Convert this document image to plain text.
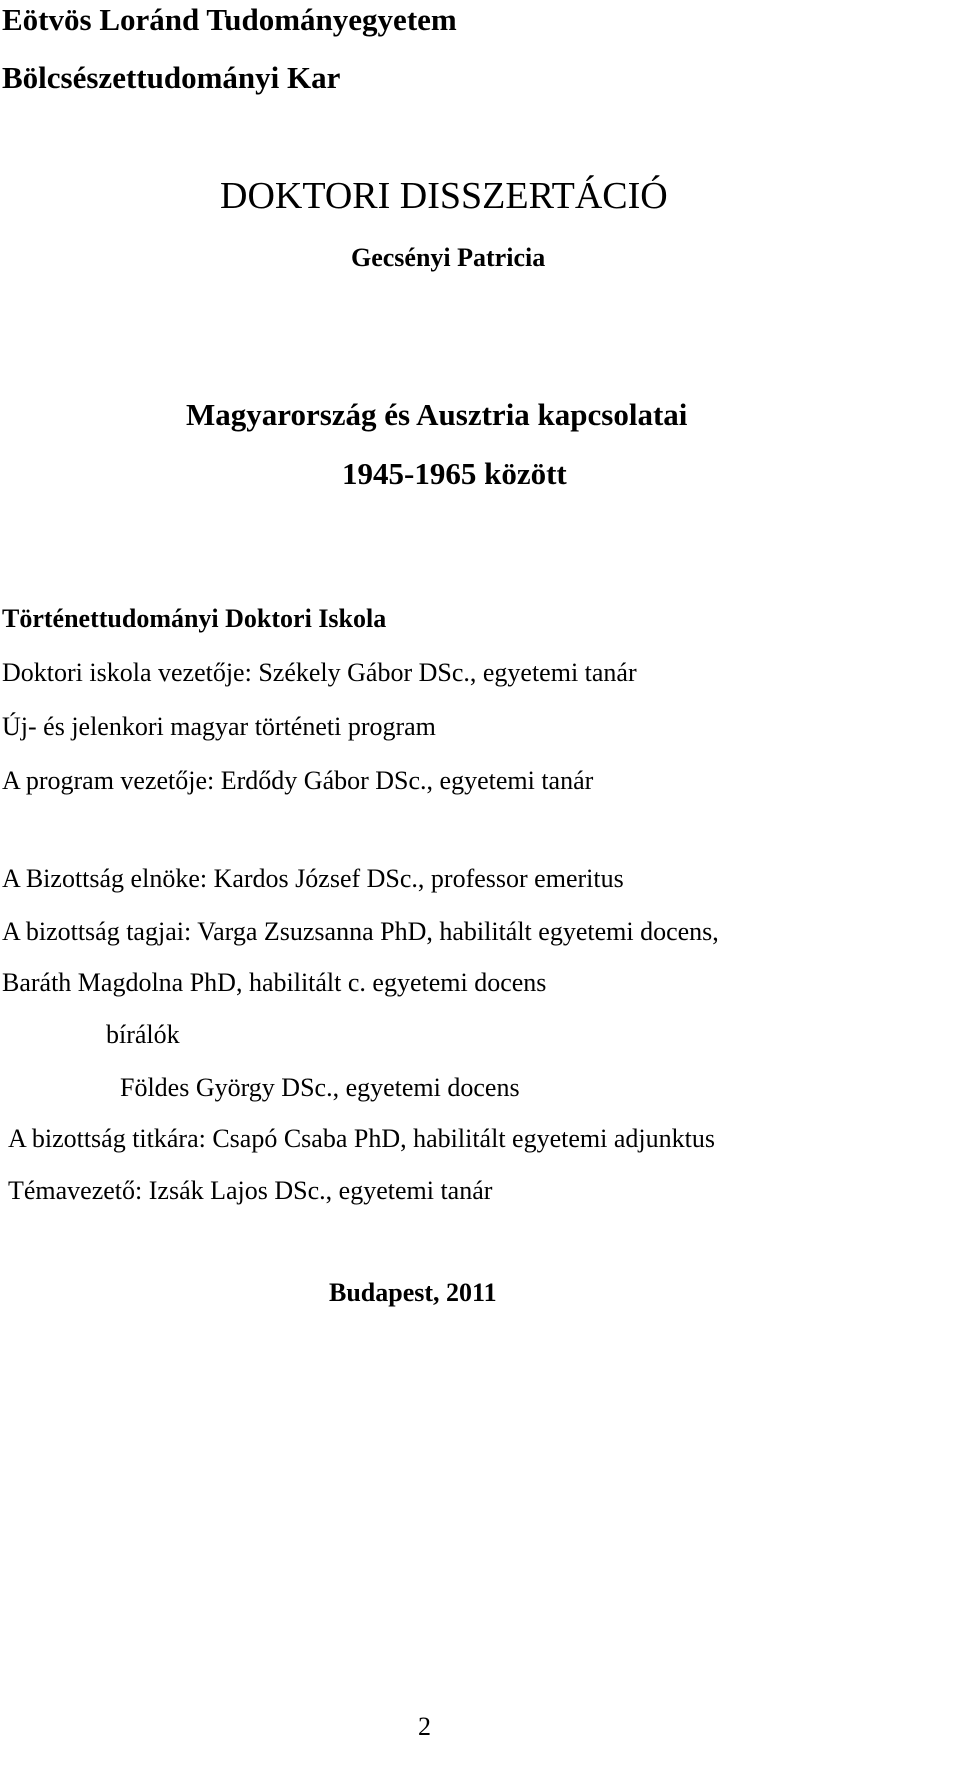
Eötvös Loránd Tudományegyetem
Bölcsészettudományi Kar
DOKTORI DISSZERTÁCIÓ
Gecsényi Patricia
Magyarország és Ausztria kapcsolatai
1945-1965 között
Történettudományi Doktori Iskola
Doktori iskola vezetője: Székely Gábor DSc., egyetemi tanár
Új- és jelenkori magyar történeti program
A program vezetője: Erdődy Gábor DSc., egyetemi tanár
A Bizottság elnöke: Kardos József DSc., professor emeritus
A bizottság tagjai: Varga Zsuzsanna PhD, habilitált egyetemi docens,
Baráth Magdolna PhD, habilitált c. egyetemi docens
bírálók
Földes György DSc., egyetemi docens
A bizottság titkára: Csapó Csaba PhD, habilitált egyetemi adjunktus
Témavezető: Izsák Lajos DSc., egyetemi tanár
Budapest, 2011
2
